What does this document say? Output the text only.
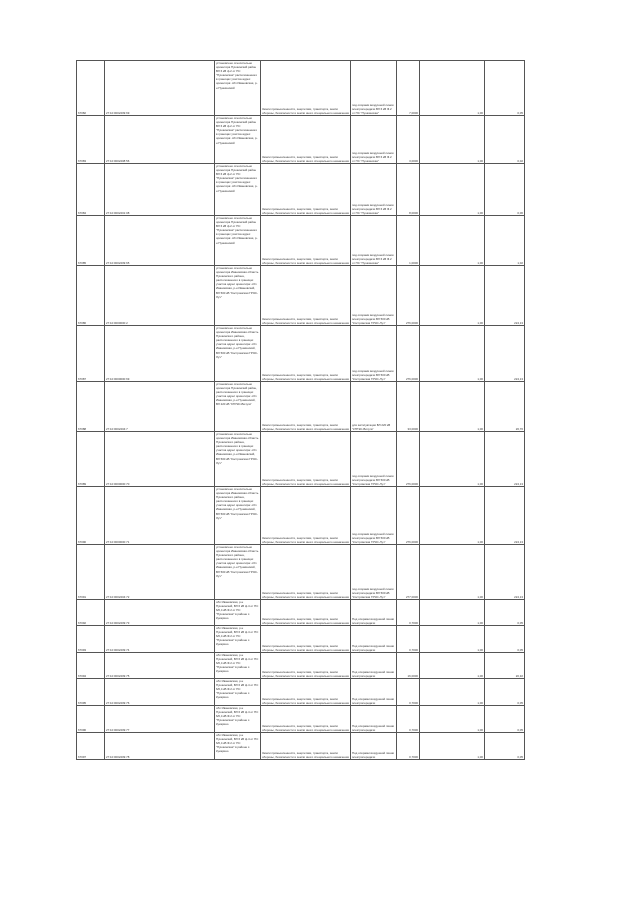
67082	27:10:0002209:69	установлено относительно ориентира Пушкинский район ВЛ 6 кВ ф.2 от ПС "Пушкинская" расположенного в границах участка адрес ориентира: обл Ивановская, р-н Пушкинский	Земли промышленности, энергетики, транспорта, земли обороны, безопасности и земли иного специального назначения	под опорами воздушной линии электропередачи ВЛ 6 кВ Ф.2 от ПС "Пушкинская"	7,0000	1,00	0,05
67083	27:10:0002208:56	установлено относительно ориентира Пушкинский район ВЛ 6 кВ ф.2 от ПС "Пушкинская" расположенного в границах участка адрес ориентира: обл Ивановская, р-н Пушкинский	Земли промышленности, энергетики, транспорта, земли обороны, безопасности и земли иного специального назначения	под опорами воздушной линии электропередачи ВЛ 6 кВ Ф.2 от ПС "Пушкинская"	3,0000	1,00	0,02
67084	27:10:0002201:08	установлено относительно ориентира Пушкинский район ВЛ 6 кВ ф.2 от ПС "Пушкинская" расположенного в границах участка адрес ориентира: обл Ивановская, р-н Пушкинский	Земли промышленности, энергетики, транспорта, земли обороны, безопасности и земли иного специального назначения	под опорами воздушной линии электропередачи ВЛ 6 кВ Ф.2 от ПС "Пушкинская"	8,0000	1,00	0,06
67085	27:10:0002209:65	установлено относительно ориентира Пушкинский район ВЛ 6 кВ ф.2 от ПС "Пушкинская" расположенного в границах участка адрес ориентира: обл Ивановская, р-н Пушкинский	Земли промышленности, энергетики, транспорта, земли обороны, безопасности и земли иного специального назначения	под опорами воздушной линии электропередачи ВЛ 6 кВ Ф.2 от ПС "Пушкинская"	1,0000	1,00	1,02
67086	27:10:0000000:2	установлено относительно ориентира Ивановская область Пушкинского района, расположенного в границах участка адрес ориентира: обл Ивановская, р-н Ивановский, ВЛ 500 кВ "Костромская ГРЭС-Луч"	Земли промышленности, энергетики, транспорта, земли обороны, безопасности и земли иного специального назначения	под опорами воздушной линии электропередачи ВЛ 500 кВ "Костромская ГРЭС-Луч"	276,0000	1,00	224,13
67087	27:10:0000000:69	установлено относительно ориентира Ивановская область Пушкинского района, расположенного в границах участка адрес ориентира: обл Ивановская, р-н Пушкинский, ВЛ 500 кВ "Костромская ГРЭС-Луч"	Земли промышленности, энергетики, транспорта, земли обороны, безопасности и земли иного специального назначения	под опорами воздушной линии электропередачи ВЛ 500 кВ "Костромская ГРЭС-Луч"	276,0000	1,00	224,13
67088	27:10:0002204:7	установлено относительно ориентира Пушкинский район, расположенного в границах участка адрес ориентира: обл Ивановская, р-н Пушкинский, ВЛ 220 кВ "КГРЭС-Вичуга"	Земли промышленности, энергетики, транспорта, земли обороны, безопасности и земли иного специального назначения	для эксплуатации ВЛ 220 кВ "КГРЭС-Вичуга"	33,0000	1,00	26,76
67089	27:10:0000000:70	установлено относительно ориентира Ивановская область Пушкинского района, расположенного в границах участка адрес ориентира: обл Ивановская, р-н Ивановский, ВЛ 500 кВ "Костромская ГРЭС-Луч"	Земли промышленности, энергетики, транспорта, земли обороны, безопасности и земли иного специального назначения	под опорами воздушной линии электропередачи ВЛ 500 кВ "Костромская ГРЭС-Луч"	276,0000	1,00	224,13
67090	27:10:0000000:71	установлено относительно ориентира Ивановская область Пушкинского района, расположенного в границах участка адрес ориентира: обл Ивановская, р-н Пушкинский, ВЛ 500 кВ "Костромская ГРЭС-Луч"	Земли промышленности, энергетики, транспорта, земли обороны, безопасности и земли иного специального назначения	под опорами воздушной линии электропередачи ВЛ 500 кВ "Костромская ГРЭС-Луч"	276,0000	1,00	224,13
67091	27:10:0002204:72	установлено относительно ориентира Ивановская область Пушкинского района, расположенного в границах участка адрес ориентира: обл Ивановская, р-н Пушкинский, ВЛ 500 кВ "Костромская ГРЭС-Луч"	Земли промышленности, энергетики, транспорта, земли обороны, безопасности и земли иного специального назначения	под опорами воздушной линии электропередачи ВЛ 500 кВ "Костромская ГРЭС-Луч"	277,0000	1,00	224,13
67092	27:10:0002209:73	обл Ивановская, р-н Пушкинский, ВЛ 6 кВ ф.4 от ПС 6/0,4 кВ Ф.2 от ПС "Пушкинская" в районе с. Кукарино	Земли промышленности, энергетики, транспорта, земли обороны, безопасности и земли иного специального назначения	Под опорами воздушной линии электропередачи	0,7000	1,00	0,05
67093	27:10:0002209:74	обл Ивановская, р-н Пушкинский, ВЛ 6 кВ ф.4 от ПС 6/0,4 кВ Ф.2 от ПС "Пушкинская" в районе с. Кукарино	Земли промышленности, энергетики, транспорта, земли обороны, безопасности и земли иного специального назначения	Под опорами воздушной линии электропередачи	0,7000	1,00	0,05
67094	27:10:0002209:75	обл Ивановская, р-н Пушкинский, ВЛ 6 кВ ф.4 от ПС 6/0,4 кВ Ф.2 от ПС "Пушкинская" в районе с. Кукарино	Земли промышленности, энергетики, транспорта, земли обороны, безопасности и земли иного специального назначения	Под опорами воздушной линии электропередачи	16,0000	1,00	20,32
67095	27:10:0002209:76	обл Ивановская, р-н Пушкинский, ВЛ 6 кВ ф.4 от ПС 6/0,4 кВ Ф.2 от ПС "Пушкинская" в районе с. Кукарино	Земли промышленности, энергетики, транспорта, земли обороны, безопасности и земли иного специального назначения	Под опорами воздушной линии электропередачи	0,7000	1,00	0,05
67096	27:10:0002209:77	обл Ивановская, р-н Пушкинский, ВЛ 6 кВ ф.4 от ПС 6/0,4 кВ Ф.2 от ПС "Пушкинская" в районе с. Кукарино	Земли промышленности, энергетики, транспорта, земли обороны, безопасности и земли иного специального назначения	Под опорами воздушной линии электропередачи	0,7000	1,00	0,05
67097	27:10:0002209:78	обл Ивановская, р-н Пушкинский, ВЛ 6 кВ ф.4 от ПС 6/0,4 кВ Ф.2 от ПС "Пушкинская" в районе с. Кукарино	Земли промышленности, энергетики, транспорта, земли обороны, безопасности и земли иного специального назначения	Под опорами воздушной линии электропередачи	0,7000	1,00	0,05
